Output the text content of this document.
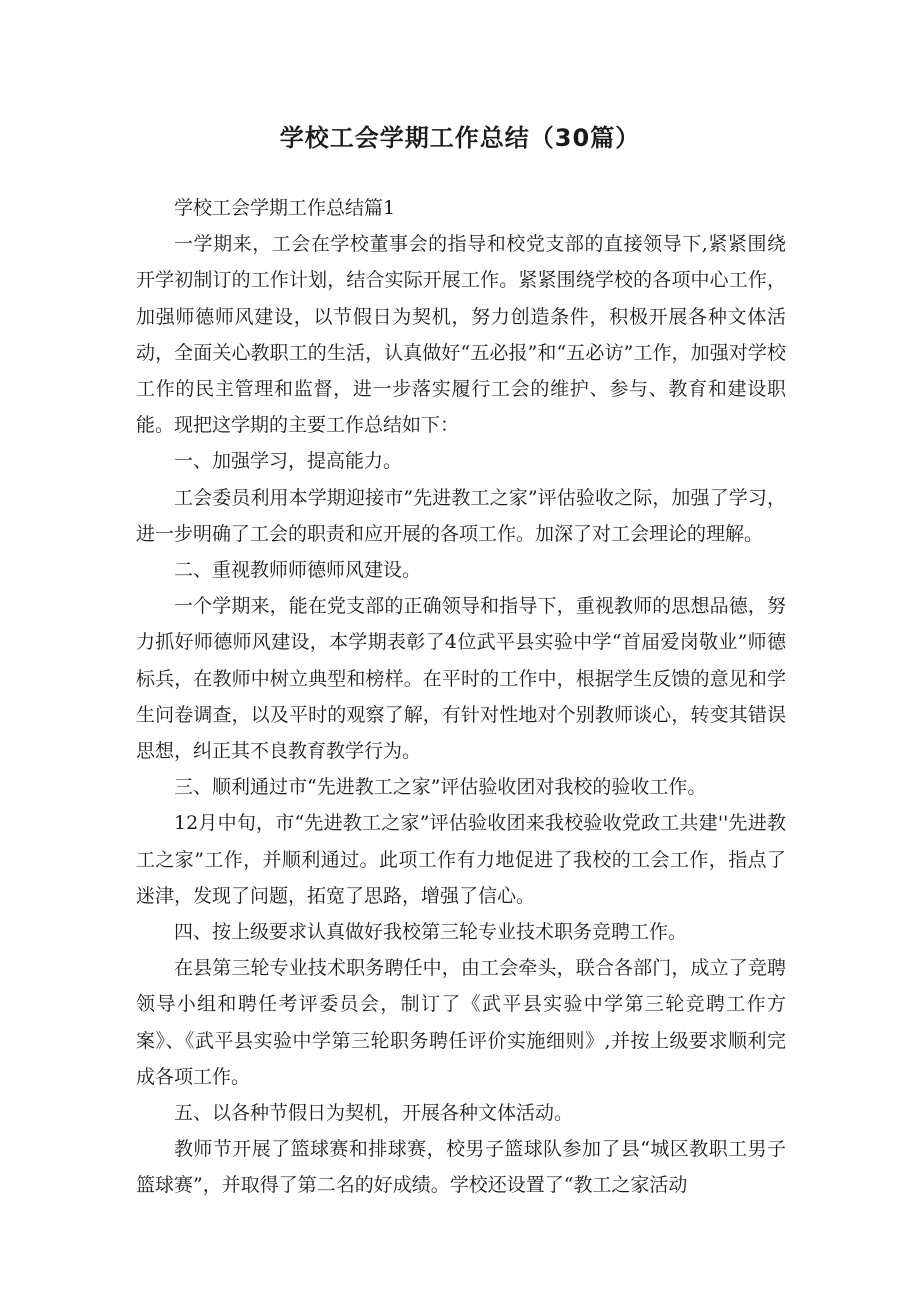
学校工会学期工作总结（30篇）

学校工会学期工作总结篇1

一学期来，工会在学校董事会的指导和校党支部的直接领导下,紧紧围绕开学初制订的工作计划，结合实际开展工作。紧紧围绕学校的各项中心工作，加强师德师风建设，以节假日为契机，努力创造条件，积极开展各种文体活动，全面关心教职工的生活，认真做好“五必报”和“五必访”工作，加强对学校工作的民主管理和监督，进一步落实履行工会的维护、参与、教育和建设职能。现把这学期的主要工作总结如下：

一、加强学习，提高能力。

工会委员利用本学期迎接市”先进教工之家”评估验收之际，加强了学习，进一步明确了工会的职责和应开展的各项工作。加深了对工会理论的理解。

二、重视教师师德师风建设。

一个学期来，能在党支部的正确领导和指导下，重视教师的思想品德，努力抓好师德师风建设，本学期表彰了4位武平县实验中学“首届爱岗敬业”师德标兵，在教师中树立典型和榜样。在平时的工作中，根据学生反馈的意见和学生问卷调查，以及平时的观察了解，有针对性地对个别教师谈心，转变其错误思想，纠正其不良教育教学行为。

三、顺利通过市“先进教工之家”评估验收团对我校的验收工作。

12月中旬，市“先进教工之家”评估验收团来我校验收党政工共建''先进教工之家”工作，并顺利通过。此项工作有力地促进了我校的工会工作，指点了迷津，发现了问题，拓宽了思路，增强了信心。

四、按上级要求认真做好我校第三轮专业技术职务竞聘工作。

在县第三轮专业技术职务聘任中，由工会牵头，联合各部门，成立了竞聘领导小组和聘任考评委员会，制订了《武平县实验中学第三轮竞聘工作方案》、《武平县实验中学第三轮职务聘任评价实施细则》,并按上级要求顺利完成各项工作。

五、以各种节假日为契机，开展各种文体活动。

教师节开展了篮球赛和排球赛，校男子篮球队参加了县“城区教职工男子篮球赛”，并取得了第二名的好成绩。学校还设置了“教工之家活动
